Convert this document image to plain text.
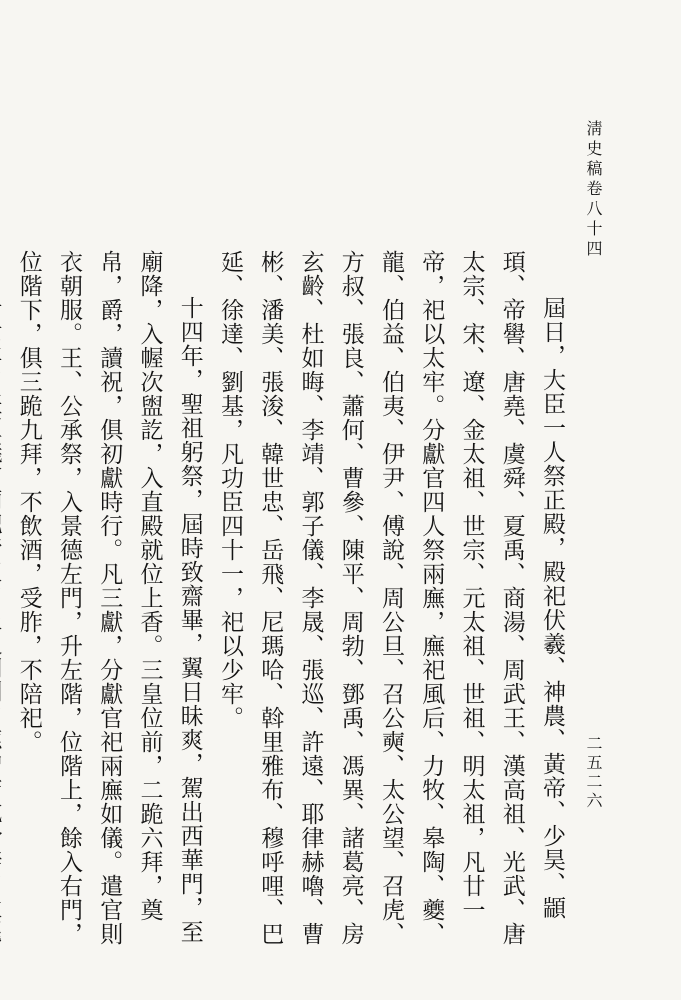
淸史稿卷八十四
二五二六

屆日，大臣一人祭正殿，殿祀伏羲、神農、黃帝、少昊、顓頊、帝嚳、唐堯、虞舜、夏禹、商湯、周武王、漢高祖、光武、唐太宗、宋、遼、金太祖、世宗、元太祖、世祖、明太祖，凡廿一帝，祀以太牢。分獻官四人祭兩廡，廡祀風后、力牧、皋陶、夔、龍、伯益、伯夷、伊尹、傅說、周公旦、召公奭、太公望、召虎、方叔、張良、蕭何、曹參、陳平、周勃、鄧禹、馮異、諸葛亮、房玄齡、杜如晦、李靖、郭子儀、李晟、張巡、許遠、耶律赫嚕、曹彬、潘美、張浚、韓世忠、岳飛、尼瑪哈、斡里雅布、穆呼哩、巴延、徐達、劉基，凡功臣四十一，祀以少牢。

十四年，聖祖躬祭，屆時致齋畢，翼日昧爽，駕出西華門，至廟降，入幄次盥訖，入直殿就位上香。三皇位前，二跪六拜，奠帛，爵，讀祝，俱初獻時行。凡三獻，分獻官祀兩廡如儀。遣官則衣朝服。王、公承祭，入景德左門，升左階，位階上，餘入右門，位階下，俱三跪九拜，不飲酒，受胙，不陪祀。
